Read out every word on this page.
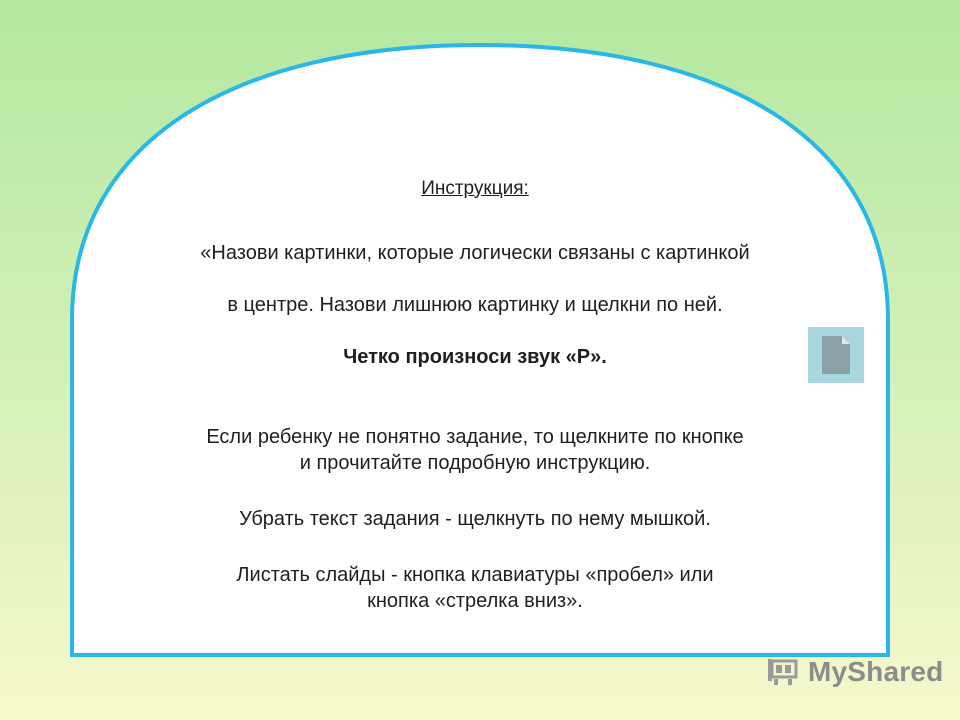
Инструкция:

«Назови картинки, которые логически связаны с картинкой

в центре. Назови лишнюю картинку и щелкни по ней.

Четко произноси звук «Р».

Если ребенку не понятно задание, то щелкните по кнопке
и прочитайте подробную инструкцию.
Убрать текст задания - щелкнуть по нему мышкой.
Листать слайды - кнопка клавиатуры «пробел» или
кнопка «стрелка вниз».
MyShared
